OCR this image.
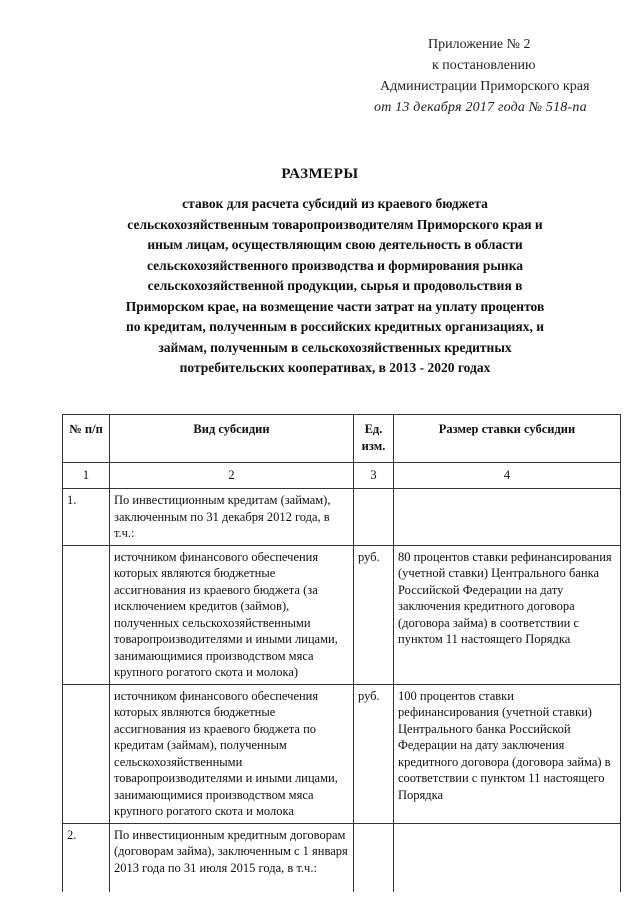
Приложение № 2
к постановлению
Администрации Приморского края
от 13 декабря 2017 года № 518-па
РАЗМЕРЫ
ставок для расчета субсидий из краевого бюджета сельскохозяйственным товаропроизводителям Приморского края и иным лицам, осуществляющим свою деятельность в области сельскохозяйственного производства и формирования рынка сельскохозяйственной продукции, сырья и продовольствия в Приморском крае, на возмещение части затрат на уплату процентов по кредитам, полученным в российских кредитных организациях, и займам, полученным в сельскохозяйственных кредитных потребительских кооперативах, в 2013 - 2020 годах
№ п/п	Вид субсидии	Ед. изм.	Размер ставки субсидии
1	2	3	4
1.	По инвестиционным кредитам (займам), заключенным по 31 декабря 2012 года, в т.ч.:		
	источником финансового обеспечения которых являются бюджетные ассигнования из краевого бюджета (за исключением кредитов (займов), полученных сельскохозяйственными товаропроизводителями и иными лицами, занимающимися производством мяса крупного рогатого скота и молока)	руб.	80 процентов ставки рефинансирования (учетной ставки) Центрального банка Российской Федерации на дату заключения кредитного договора (договора займа) в соответствии с пунктом 11 настоящего Порядка
	источником финансового обеспечения которых являются бюджетные ассигнования из краевого бюджета по кредитам (займам), полученным сельскохозяйственными товаропроизводителями и иными лицами, занимающимися производством мяса крупного рогатого скота и молока	руб.	100 процентов ставки рефинансирования (учетной ставки) Центрального банка Российской Федерации на дату заключения кредитного договора (договора займа) в соответствии с пунктом 11 настоящего Порядка
2.	По инвестиционным кредитным договорам (договорам займа), заключенным с 1 января 2013 года по 31 июля 2015 года, в т.ч.:		
